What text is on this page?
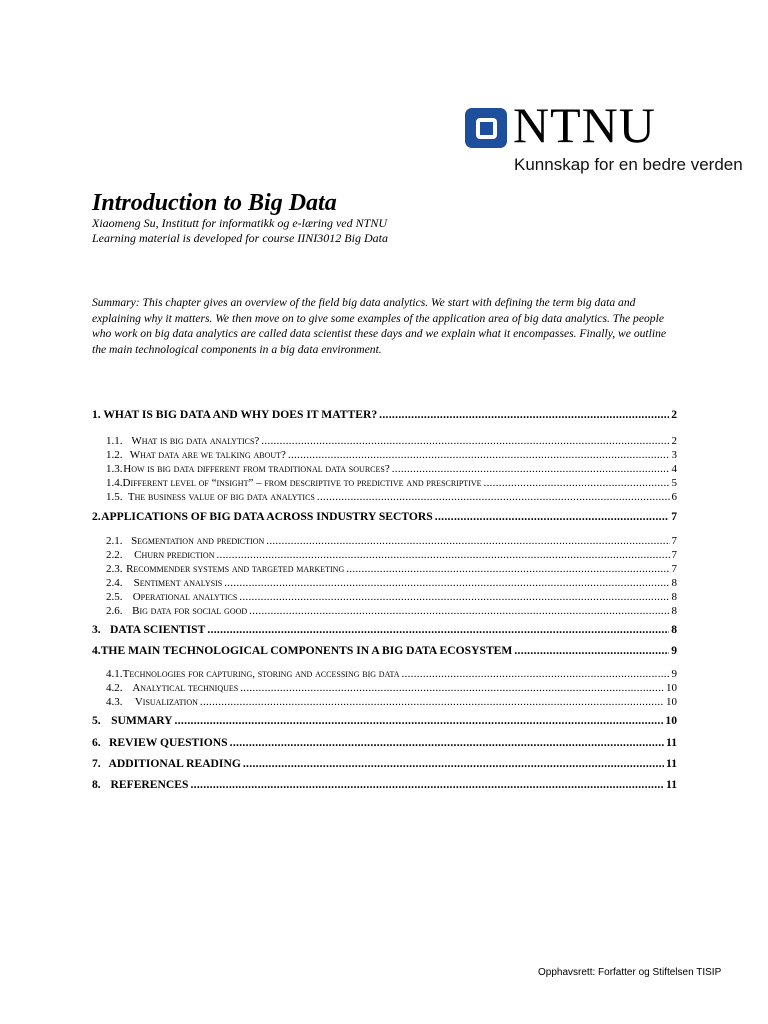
NTNU
Kunnskap for en bedre verden
Introduction to Big Data
Xiaomeng Su, Institutt for informatikk og e-læring ved NTNU
Learning material is developed for course IINI3012 Big Data

Summary: This chapter gives an overview of the field big data analytics. We start with defining the term big data and explaining why it matters. We then move on to give some examples of the application area of big data analytics. The people who work on big data analytics are called data scientist these days and we explain what it encompasses. Finally, we outline the main technological components in a big data environment.

1. WHAT IS BIG DATA AND WHY DOES IT MATTER? .....	2
1.1. What is big data analytics? .....	2
1.2. What data are we talking about? .....	3
1.3. How is big data different from traditional data sources? .....	4
1.4. Different level of “insight” – from descriptive to predictive and prescriptive .....	5
1.5. The business value of big data analytics .....	6
2. APPLICATIONS OF BIG DATA ACROSS INDUSTRY SECTORS .....	7
2.1. Segmentation and prediction .....	7
2.2.	Churn prediction .....	7
2.3. Recommender systems and targeted marketing .....	7
2.4.	Sentiment analysis .....	8
2.5. Operational analytics .....	8
2.6. Big data for social good .....	8
3. DATA SCIENTIST .....	8
4. THE MAIN TECHNOLOGICAL COMPONENTS IN A BIG DATA ECOSYSTEM .....	9
4.1. Technologies for capturing, storing and accessing big data .....	9
4.2. Analytical techniques .....	10
4.3.	Visualization .....	10
5. SUMMARY .....	10
6. REVIEW QUESTIONS .....	11
7. ADDITIONAL READING .....	11
8. REFERENCES .....	11
Opphavsrett: Forfatter og Stiftelsen TISIP
